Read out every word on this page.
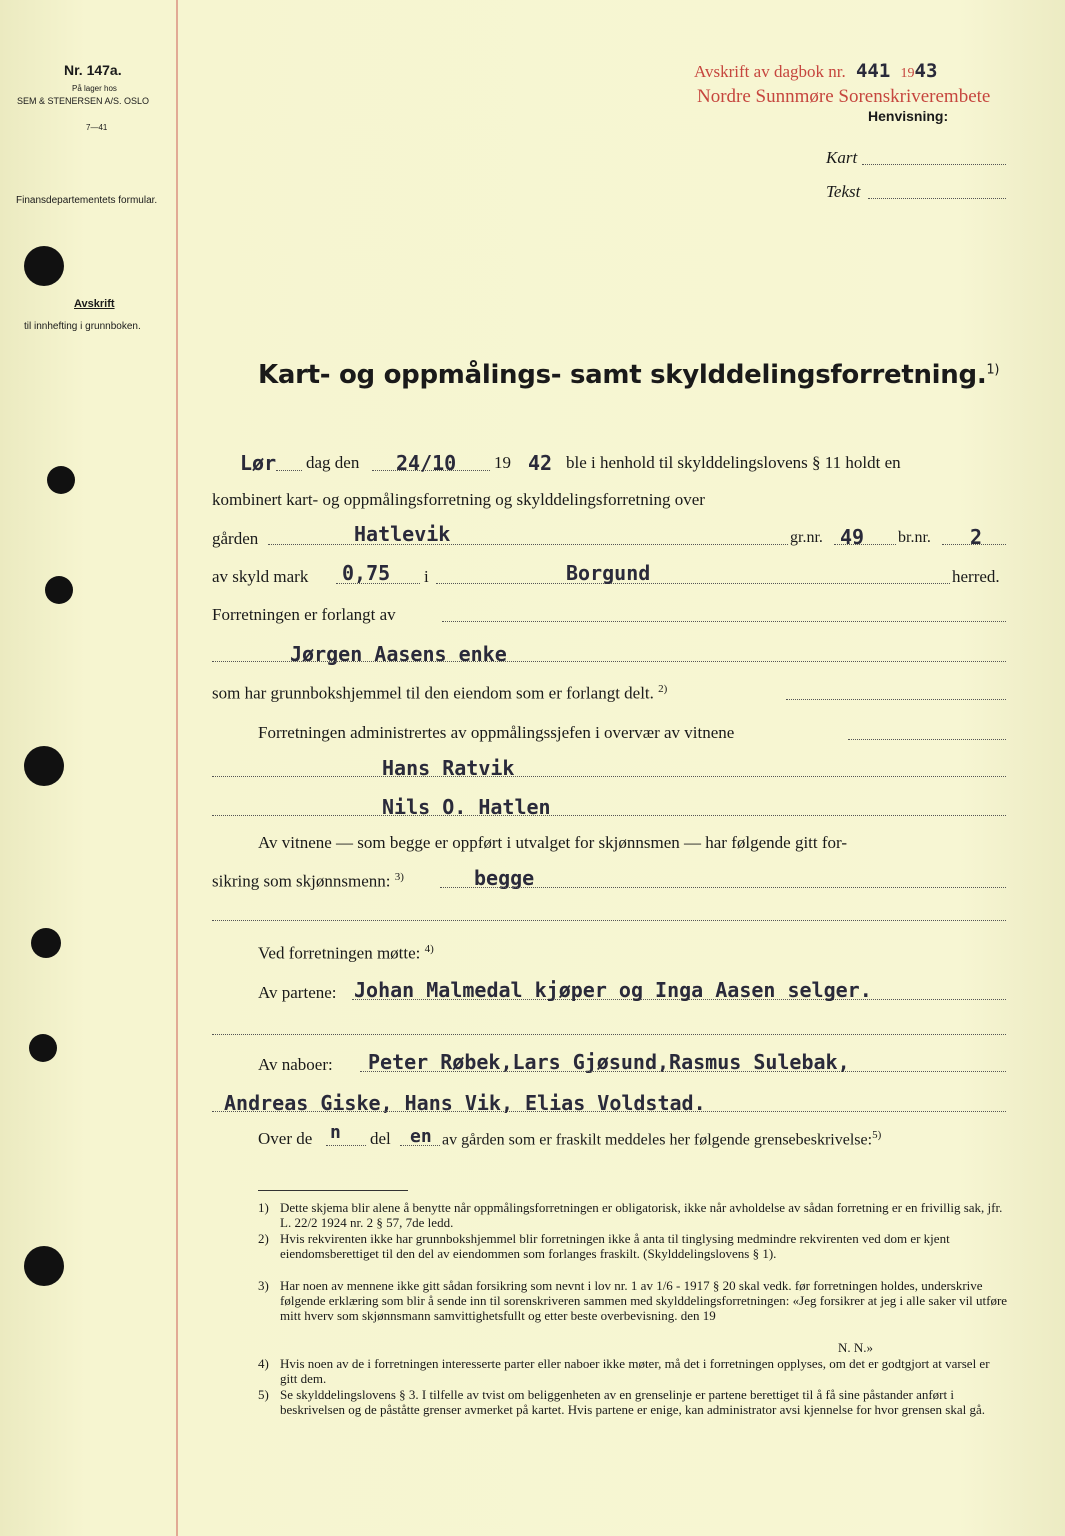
Nr. 147a.
På lager hos
SEM & STENERSEN A/S. OSLO
7—41
Finansdepartementets formular.
Avskrift
til innhefting i grunnboken.
Avskrift av dagbok nr. 441 1943
Nordre Sunnmøre Sorenskriverembete
Henvisning:
Kart
Tekst
Kart- og oppmålings- samt skylddelingsforretning.$^{1)}$
Lør dag den 24/10 19 42 ble i henhold til skylddelingslovens § 11 holdt en
kombinert kart- og oppmålingsforretning og skylddelingsforretning over
gården	Hatlevik	gr.nr. 49 br.nr. 2
av skyld mark 0,75 i	Borgund	herred.
Forretningen er forlangt av
Jørgen Aasens enke
som har grunnbokshjemmel til den eiendom som er forlangt delt. $^{2)}$
Forretningen administrertes av oppmålingssjefen i overvær av vitnene
Hans Ratvik
Nils O. Hatlen
Av vitnene — som begge er oppført i utvalget for skjønnsmen — har følgende gitt for-
sikring som skjønnsmenn: $^{3)}$	begge
Ved forretningen møtte: $^{4)}$
Av partene: Johan Malmedal kjøper og Inga Aasen selger.
Av naboer: Peter Røbek,Lars Gjøsund,Rasmus Sulebak,
Andreas Giske, Hans Vik, Elias Voldstad.
Over de n del en av gården som er fraskilt meddeles her følgende grensebeskrivelse:$^{5)}$
1) Dette skjema blir alene å benytte når oppmålingsforretningen er obligatorisk, ikke når avholdelse av sådan forretning er en frivillig sak, jfr. L. 22/2 1924 nr. 2 § 57, 7de ledd.
2) Hvis rekvirenten ikke har grunnbokshjemmel blir forretningen ikke å anta til tinglysing medmindre rekvirenten ved dom er kjent eiendomsberettiget til den del av eiendommen som forlanges fraskilt. (Skylddelingslovens § 1).
3) Har noen av mennene ikke gitt sådan forsikring som nevnt i lov nr. 1 av 1/6 - 1917 § 20 skal vedk. før forretningen holdes, underskrive følgende erklæring som blir å sende inn til sorenskriveren sammen med skylddelingsforretningen: «Jeg forsikrer at jeg i alle saker vil utføre mitt hverv som skjønnsmann samvittighetsfullt og etter beste overbevisning. den 19
N. N.»
4) Hvis noen av de i forretningen interesserte parter eller naboer ikke møter, må det i forretningen opplyses, om det er godtgjort at varsel er gitt dem.
5) Se skylddelingslovens § 3. I tilfelle av tvist om beliggenheten av en grenselinje er partene berettiget til å få sine påstander anført i beskrivelsen og de påståtte grenser avmerket på kartet. Hvis partene er enige, kan administrator avsi kjennelse for hvor grensen skal gå.
